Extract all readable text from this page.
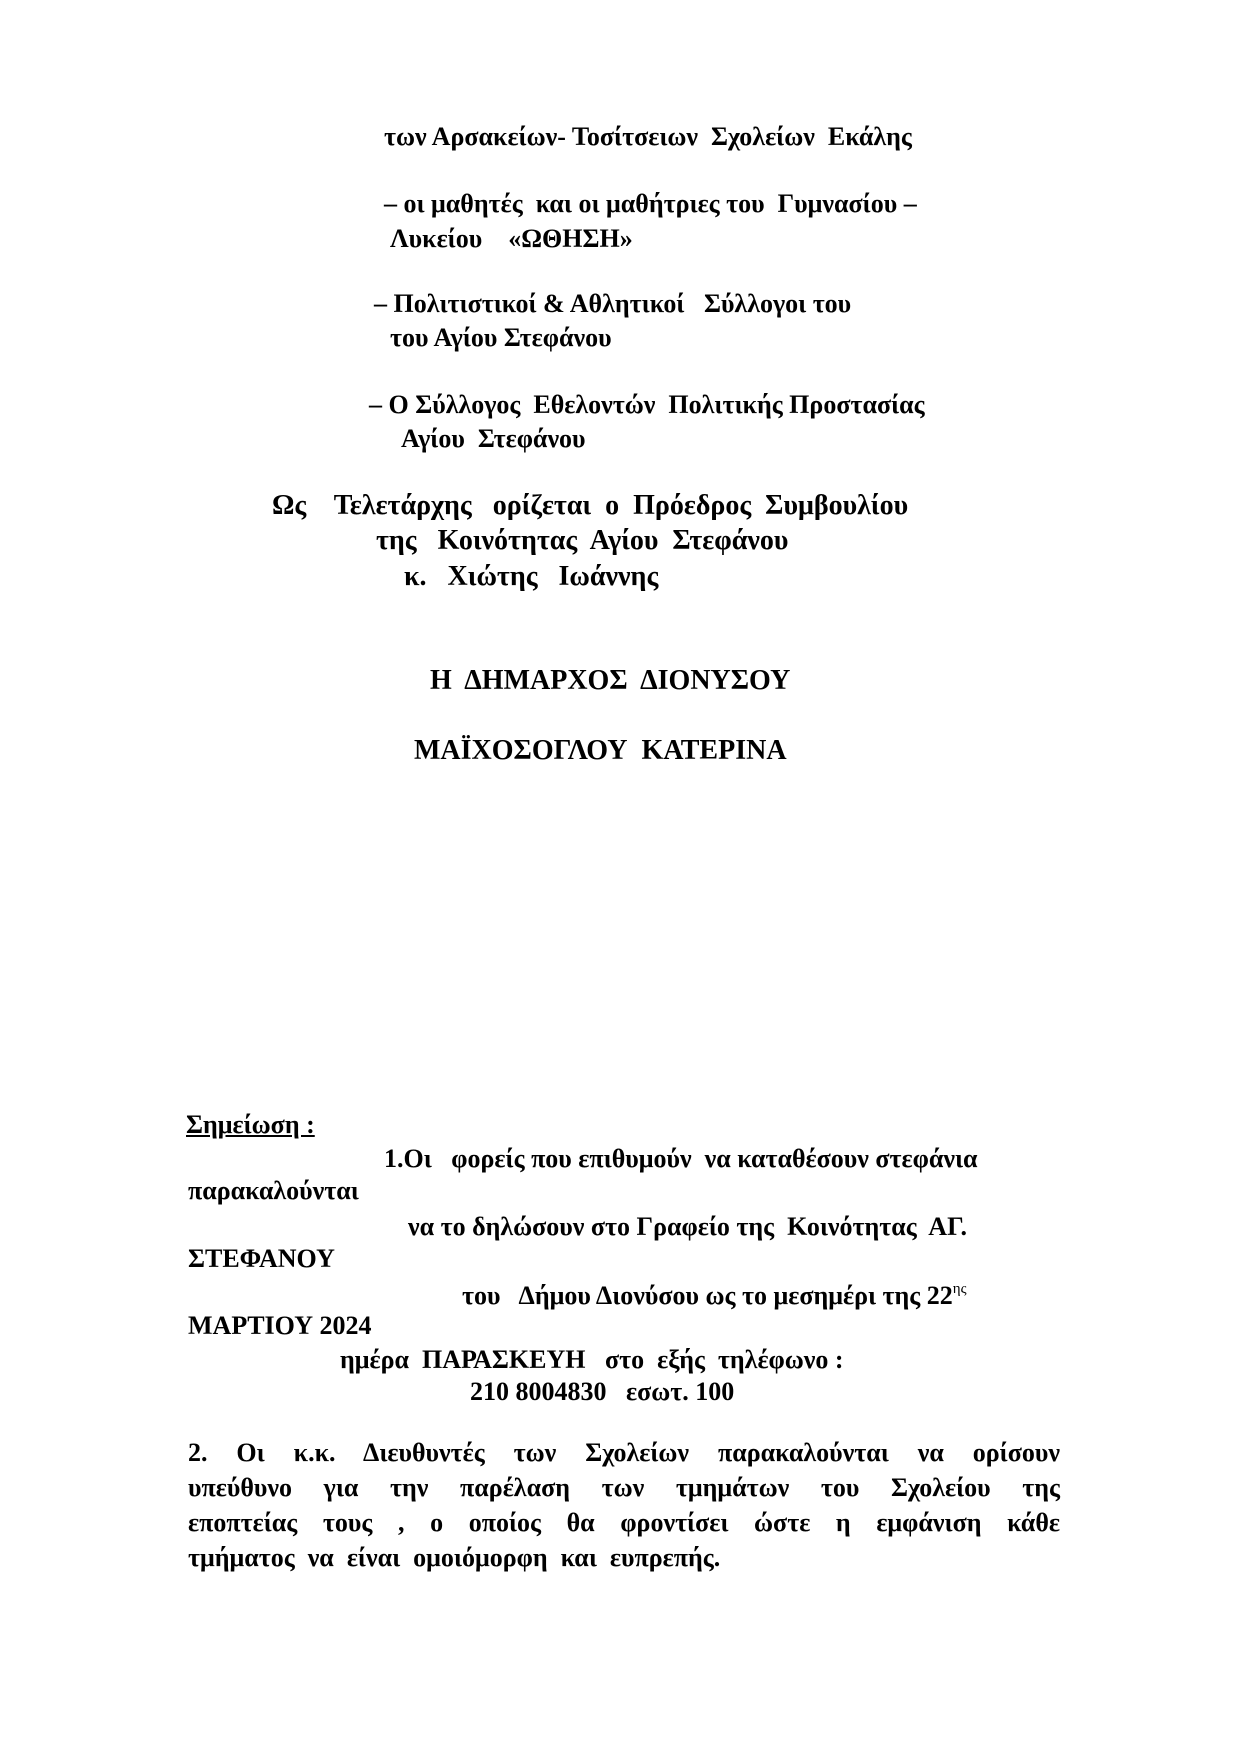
των Αρσακείων- Τοσίτσειων  Σχολείων  Εκάλης
– οι μαθητές  και οι μαθήτριες του  Γυμνασίου –
Λυκείου    «ΩΘΗΣΗ»
– Πολιτιστικοί & Αθλητικοί   Σύλλογοι του
του Αγίου Στεφάνου
– Ο Σύλλογος  Εθελοντών  Πολιτικής Προστασίας
Αγίου  Στεφάνου
Ως    Τελετάρχης   ορίζεται  ο  Πρόεδρος  Συμβουλίου
της   Κοινότητας  Αγίου  Στεφάνου
κ.   Χιώτης   Ιωάννης
Η  ΔΗΜΑΡΧΟΣ  ΔΙΟΝΥΣΟΥ
ΜΑΪΧΟΣΟΓΛΟΥ  ΚΑΤΕΡΙΝΑ
Σημείωση :
1.Οι   φορείς που επιθυμούν  να καταθέσουν στεφάνια
παρακαλούνται
να το δηλώσουν στο Γραφείο της  Κοινότητας  ΑΓ.
ΣΤΕΦΑΝΟΥ
του   Δήμου Διονύσου ως το μεσημέρι της $22^{\eta\varsigma}$
ΜΑΡΤΙΟΥ 2024
ημέρα  ΠΑΡΑΣΚΕΥΗ   στο  εξής  τηλέφωνο :
210 8004830   εσωτ. 100
2. Οι κ.κ. Διευθυντές των Σχολείων παρακαλούνται να ορίσουν
υπεύθυνο για την παρέλαση των τμημάτων του Σχολείου της
εποπτείας τους , ο οποίος θα φροντίσει ώστε η εμφάνιση κάθε
τμήματος  να  είναι  ομοιόμορφη  και  ευπρεπής.
